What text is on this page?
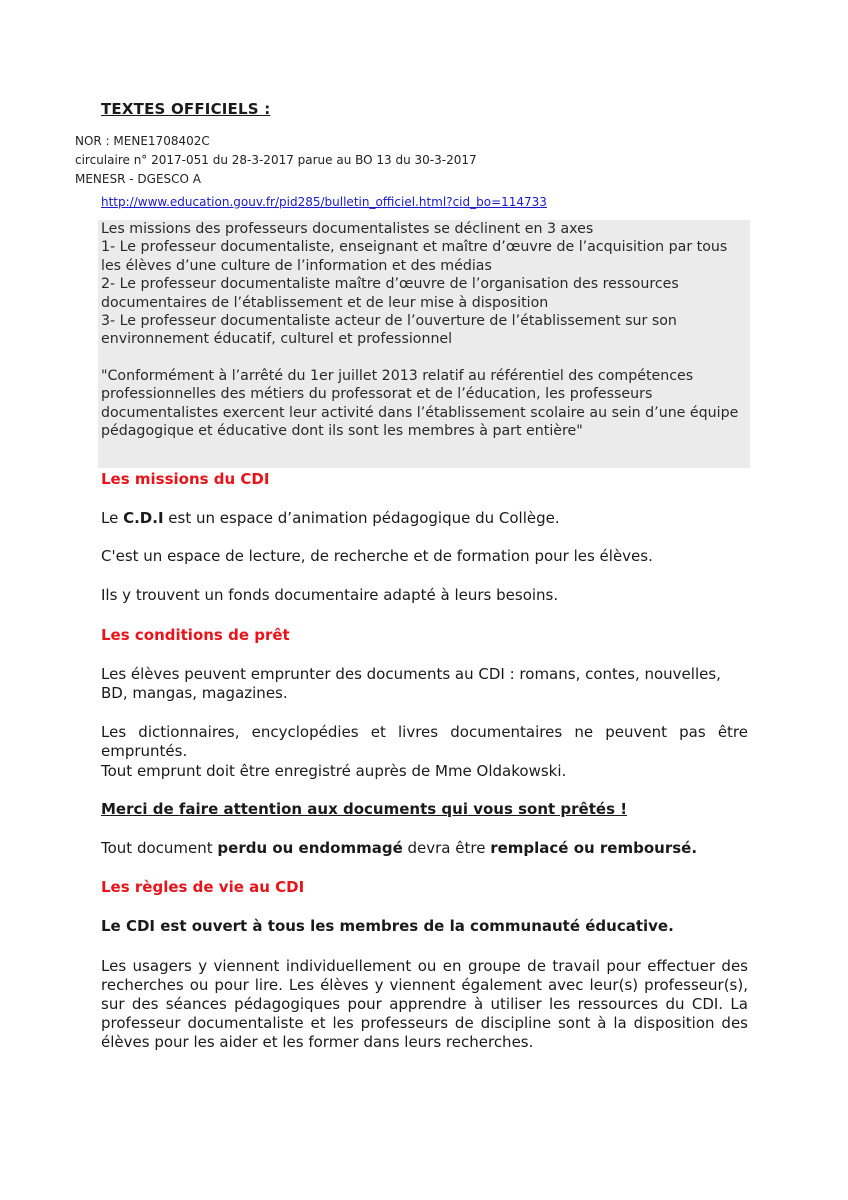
TEXTES OFFICIELS :

NOR : MENE1708402C

circulaire n° 2017-051 du 28-3-2017 parue au BO 13 du 30-3-2017

MENESR - DGESCO A

http://www.education.gouv.fr/pid285/bulletin_officiel.html?cid_bo=114733

Les missions des professeurs documentalistes se déclinent en 3 axes

1- Le professeur documentaliste, enseignant et maître d’œuvre de l’acquisition par tous les élèves d’une culture de l’information et des médias

2- Le professeur documentaliste maître d’œuvre de l’organisation des ressources documentaires de l’établissement et de leur mise à disposition

3- Le professeur documentaliste acteur de l’ouverture de l’établissement sur son environnement éducatif, culturel et professionnel

"Conformément à l’arrêté du 1er juillet 2013 relatif au référentiel des compétences professionnelles des métiers du professorat et de l’éducation, les professeurs documentalistes exercent leur activité dans l’établissement scolaire au sein d’une équipe pédagogique et éducative dont ils sont les membres à part entière"

Les missions du CDI

Le C.D.I est un espace d’animation pédagogique du Collège.

C'est un espace de lecture, de recherche et de formation pour les élèves.

Ils y trouvent un fonds documentaire adapté à leurs besoins.

Les conditions de prêt

Les élèves peuvent emprunter des documents au CDI : romans, contes, nouvelles, BD, mangas, magazines.

Les dictionnaires, encyclopédies et livres documentaires ne peuvent pas être empruntés.

Tout emprunt doit être enregistré auprès de Mme Oldakowski.

Merci de faire attention aux documents qui vous sont prêtés !

Tout document perdu ou endommagé devra être remplacé ou remboursé.

Les règles de vie au CDI

Le CDI est ouvert à tous les membres de la communauté éducative.

Les usagers y viennent individuellement ou en groupe de travail pour effectuer des recherches ou pour lire. Les élèves y viennent également avec leur(s) professeur(s), sur des séances pédagogiques pour apprendre à utiliser les ressources du CDI. La professeur documentaliste et les professeurs de discipline sont à la disposition des élèves pour les aider et les former dans leurs recherches.
